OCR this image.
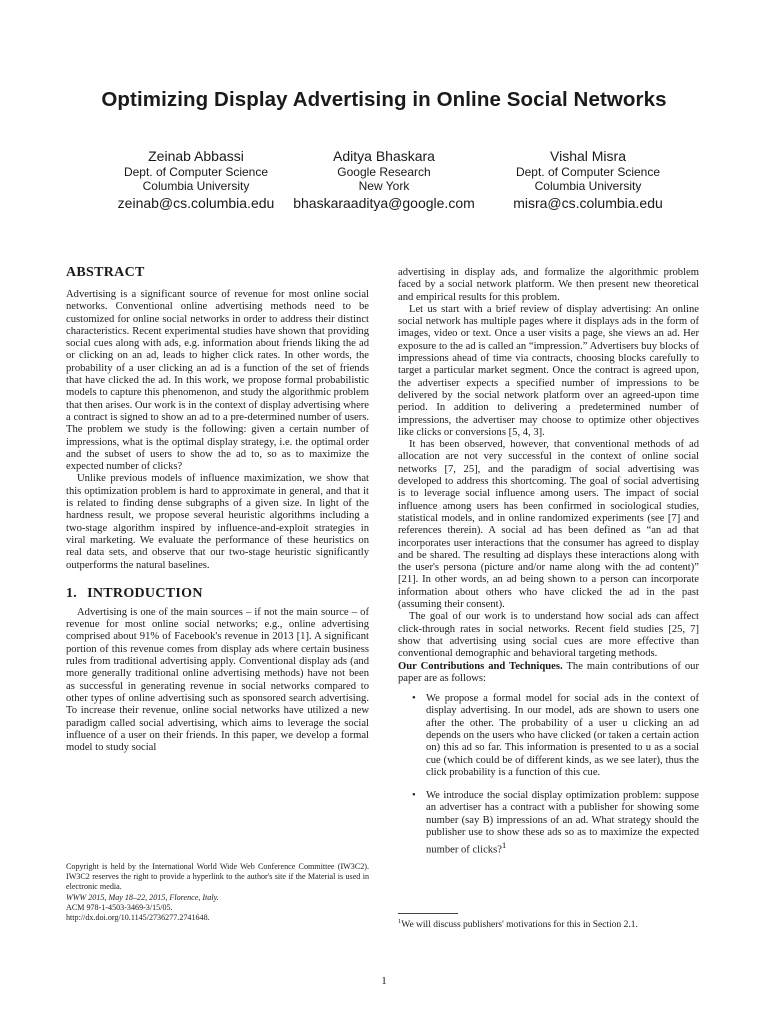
Optimizing Display Advertising in Online Social Networks
Zeinab Abbassi
Dept. of Computer Science
Columbia University
zeinab@cs.columbia.edu
Aditya Bhaskara
Google Research
New York
bhaskaraaditya@google.com
Vishal Misra
Dept. of Computer Science
Columbia University
misra@cs.columbia.edu
ABSTRACT

Advertising is a significant source of revenue for most online social networks. Conventional online advertising methods need to be customized for online social networks in order to address their distinct characteristics. Recent experimental studies have shown that providing social cues along with ads, e.g. information about friends liking the ad or clicking on an ad, leads to higher click rates. In other words, the probability of a user clicking an ad is a function of the set of friends that have clicked the ad. In this work, we propose formal probabilistic models to capture this phenomenon, and study the algorithmic problem that then arises. Our work is in the context of display advertising where a contract is signed to show an ad to a pre-determined number of users. The problem we study is the following: given a certain number of impressions, what is the optimal display strategy, i.e. the optimal order and the subset of users to show the ad to, so as to maximize the expected number of clicks?

Unlike previous models of influence maximization, we show that this optimization problem is hard to approximate in general, and that it is related to finding dense subgraphs of a given size. In light of the hardness result, we propose several heuristic algorithms including a two-stage algorithm inspired by influence-and-exploit strategies in viral marketing. We evaluate the performance of these heuristics on real data sets, and observe that our two-stage heuristic significantly outperforms the natural baselines.

1. INTRODUCTION

Advertising is one of the main sources – if not the main source – of revenue for most online social networks; e.g., online advertising comprised about 91% of Facebook's revenue in 2013 [1]. A significant portion of this revenue comes from display ads where certain business rules from traditional advertising apply. Conventional display ads (and more generally traditional online advertising methods) have not been as successful in generating revenue in social networks compared to other types of online advertising such as sponsored search advertising. To increase their revenue, online social networks have utilized a new paradigm called social advertising, which aims to leverage the social influence of a user on their friends. In this paper, we develop a formal model to study social

Copyright is held by the International World Wide Web Conference Committee (IW3C2). IW3C2 reserves the right to provide a hyperlink to the author's site if the Material is used in electronic media.

WWW 2015, May 18–22, 2015, Florence, Italy.

ACM 978-1-4503-3469-3/15/05.

http://dx.doi.org/10.1145/2736277.2741648.

advertising in display ads, and formalize the algorithmic problem faced by a social network platform. We then present new theoretical and empirical results for this problem.

Let us start with a brief review of display advertising: An online social network has multiple pages where it displays ads in the form of images, video or text. Once a user visits a page, she views an ad. Her exposure to the ad is called an “impression.” Advertisers buy blocks of impressions ahead of time via contracts, choosing blocks carefully to target a particular market segment. Once the contract is agreed upon, the advertiser expects a specified number of impressions to be delivered by the social network platform over an agreed-upon time period. In addition to delivering a predetermined number of impressions, the advertiser may choose to optimize other objectives like clicks or conversions [5, 4, 3].

It has been observed, however, that conventional methods of ad allocation are not very successful in the context of online social networks [7, 25], and the paradigm of social advertising was developed to address this shortcoming. The goal of social advertising is to leverage social influence among users. The impact of social influence among users has been confirmed in sociological studies, statistical models, and in online randomized experiments (see [7] and references therein). A social ad has been defined as “an ad that incorporates user interactions that the consumer has agreed to display and be shared. The resulting ad displays these interactions along with the user's persona (picture and/or name along with the ad content)” [21]. In other words, an ad being shown to a person can incorporate information about others who have clicked the ad in the past (assuming their consent).

The goal of our work is to understand how social ads can affect click-through rates in social networks. Recent field studies [25, 7] show that advertising using social cues are more effective than conventional demographic and behavioral targeting methods.

Our Contributions and Techniques. The main contributions of our paper are as follows:

• We propose a formal model for social ads in the context of display advertising. In our model, ads are shown to users one after the other. The probability of a user u clicking an ad depends on the users who have clicked (or taken a certain action on) this ad so far. This information is presented to u as a social cue (which could be of different kinds, as we see later), thus the click probability is a function of this cue.
• We introduce the social display optimization problem: suppose an advertiser has a contract with a publisher for showing some number (say B) impressions of an ad. What strategy should the publisher use to show these ads so as to maximize the expected number of clicks?$^1$
$^1$We will discuss publishers' motivations for this in Section 2.1.
1
